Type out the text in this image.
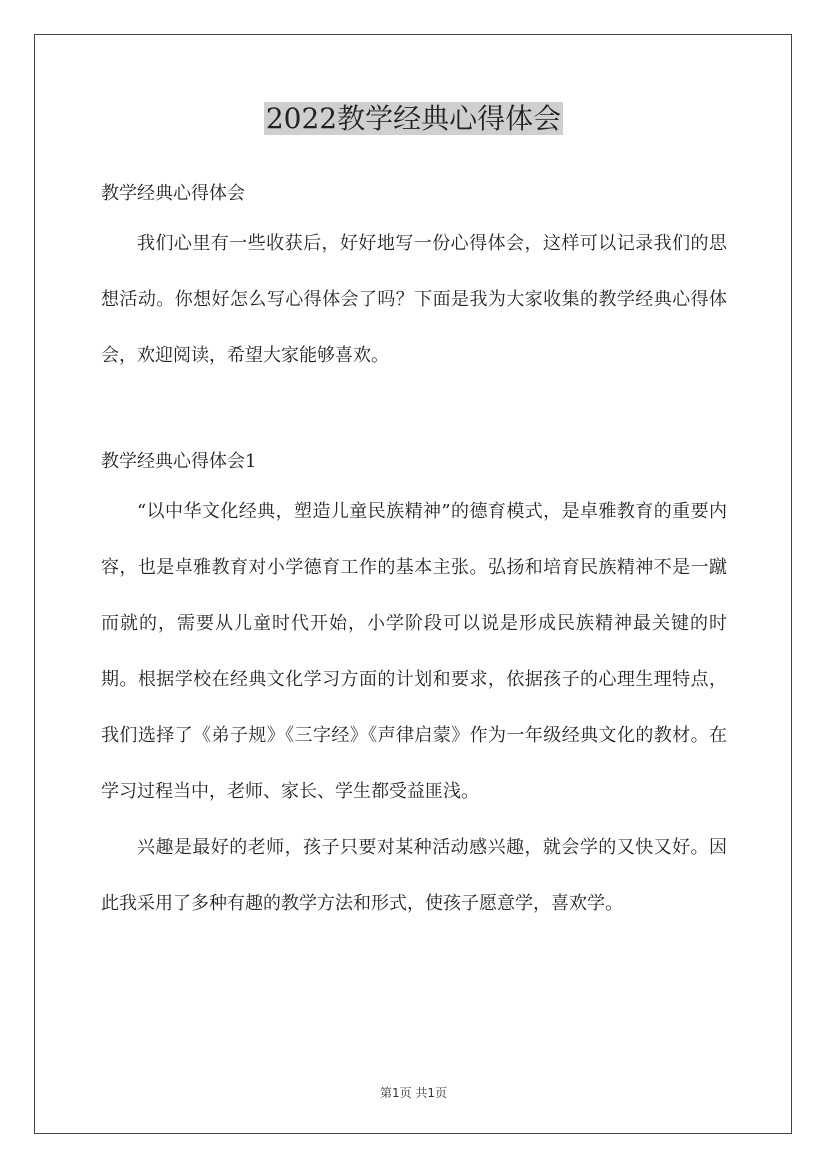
2022教学经典心得体会

教学经典心得体会

我们心里有一些收获后，好好地写一份心得体会，这样可以记录我们的思想活动。你想好怎么写心得体会了吗？下面是我为大家收集的教学经典心得体会，欢迎阅读，希望大家能够喜欢。

教学经典心得体会1

“以中华文化经典，塑造儿童民族精神”的德育模式，是卓雅教育的重要内容，也是卓雅教育对小学德育工作的基本主张。弘扬和培育民族精神不是一蹴而就的，需要从儿童时代开始，小学阶段可以说是形成民族精神最关键的时期。根据学校在经典文化学习方面的计划和要求，依据孩子的心理生理特点，我们选择了《弟子规》《三字经》《声律启蒙》作为一年级经典文化的教材。在学习过程当中，老师、家长、学生都受益匪浅。

兴趣是最好的老师，孩子只要对某种活动感兴趣，就会学的又快又好。因此我采用了多种有趣的教学方法和形式，使孩子愿意学，喜欢学。

第1页 共1页
